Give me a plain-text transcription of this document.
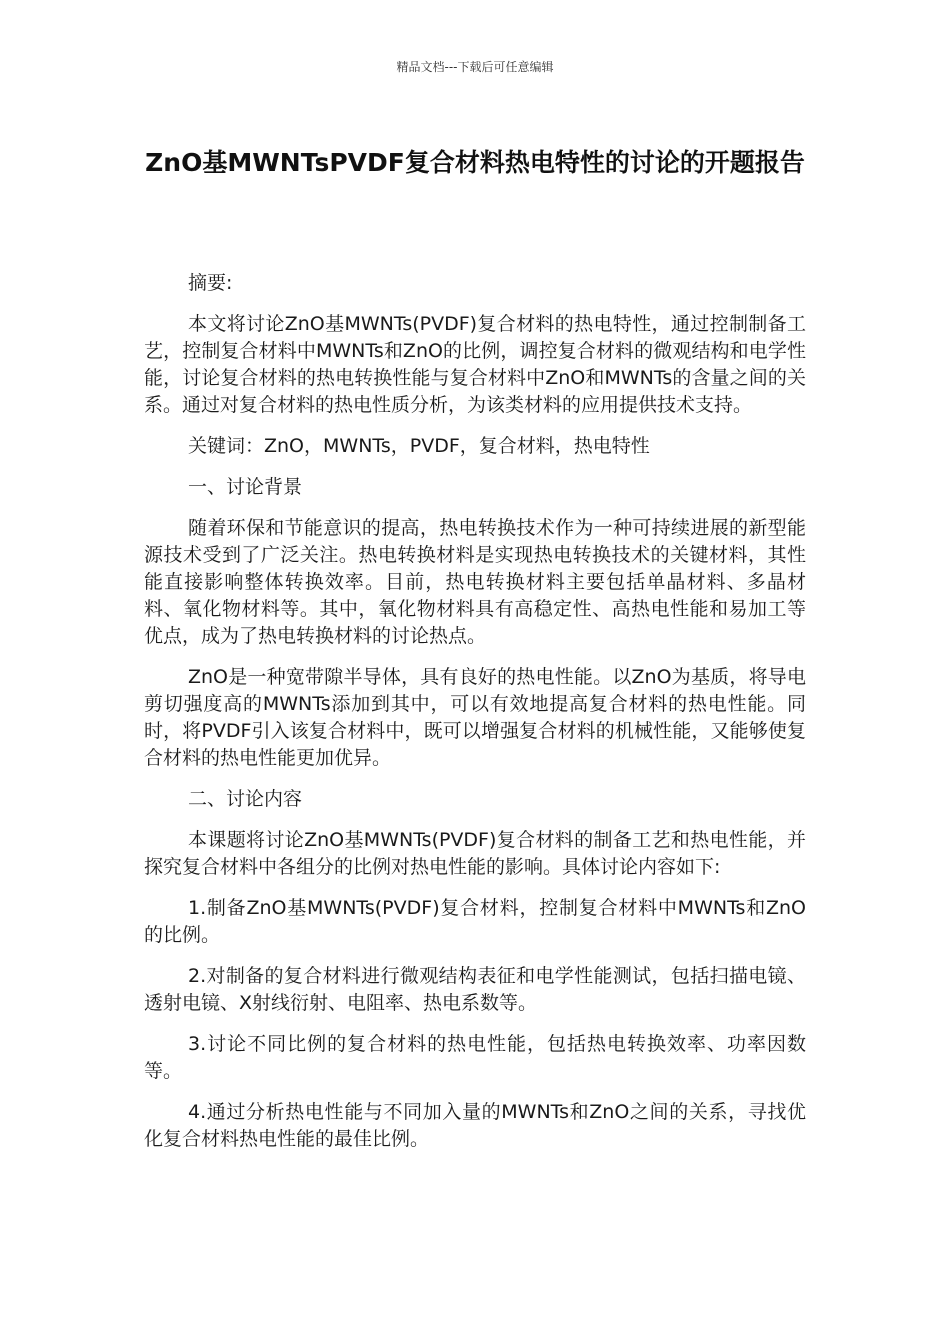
精品文档---下载后可任意编辑
ZnO基MWNTsPVDF复合材料热电特性的讨论的开题报告

摘要:

本文将讨论ZnO基MWNTs(PVDF)复合材料的热电特性，通过控制制备工艺，控制复合材料中MWNTs和ZnO的比例，调控复合材料的微观结构和电学性能，讨论复合材料的热电转换性能与复合材料中ZnO和MWNTs的含量之间的关系。通过对复合材料的热电性质分析，为该类材料的应用提供技术支持。

关键词：ZnO，MWNTs，PVDF，复合材料，热电特性

一、讨论背景

随着环保和节能意识的提高，热电转换技术作为一种可持续进展的新型能源技术受到了广泛关注。热电转换材料是实现热电转换技术的关键材料，其性能直接影响整体转换效率。目前，热电转换材料主要包括单晶材料、多晶材料、氧化物材料等。其中，氧化物材料具有高稳定性、高热电性能和易加工等优点，成为了热电转换材料的讨论热点。

ZnO是一种宽带隙半导体，具有良好的热电性能。以ZnO为基质，将导电剪切强度高的MWNTs添加到其中，可以有效地提高复合材料的热电性能。同时，将PVDF引入该复合材料中，既可以增强复合材料的机械性能，又能够使复合材料的热电性能更加优异。

二、讨论内容

本课题将讨论ZnO基MWNTs(PVDF)复合材料的制备工艺和热电性能，并探究复合材料中各组分的比例对热电性能的影响。具体讨论内容如下:

1.制备ZnO基MWNTs(PVDF)复合材料，控制复合材料中MWNTs和ZnO的比例。

2.对制备的复合材料进行微观结构表征和电学性能测试，包括扫描电镜、透射电镜、X射线衍射、电阻率、热电系数等。

3.讨论不同比例的复合材料的热电性能，包括热电转换效率、功率因数等。

4.通过分析热电性能与不同加入量的MWNTs和ZnO之间的关系，寻找优化复合材料热电性能的最佳比例。
